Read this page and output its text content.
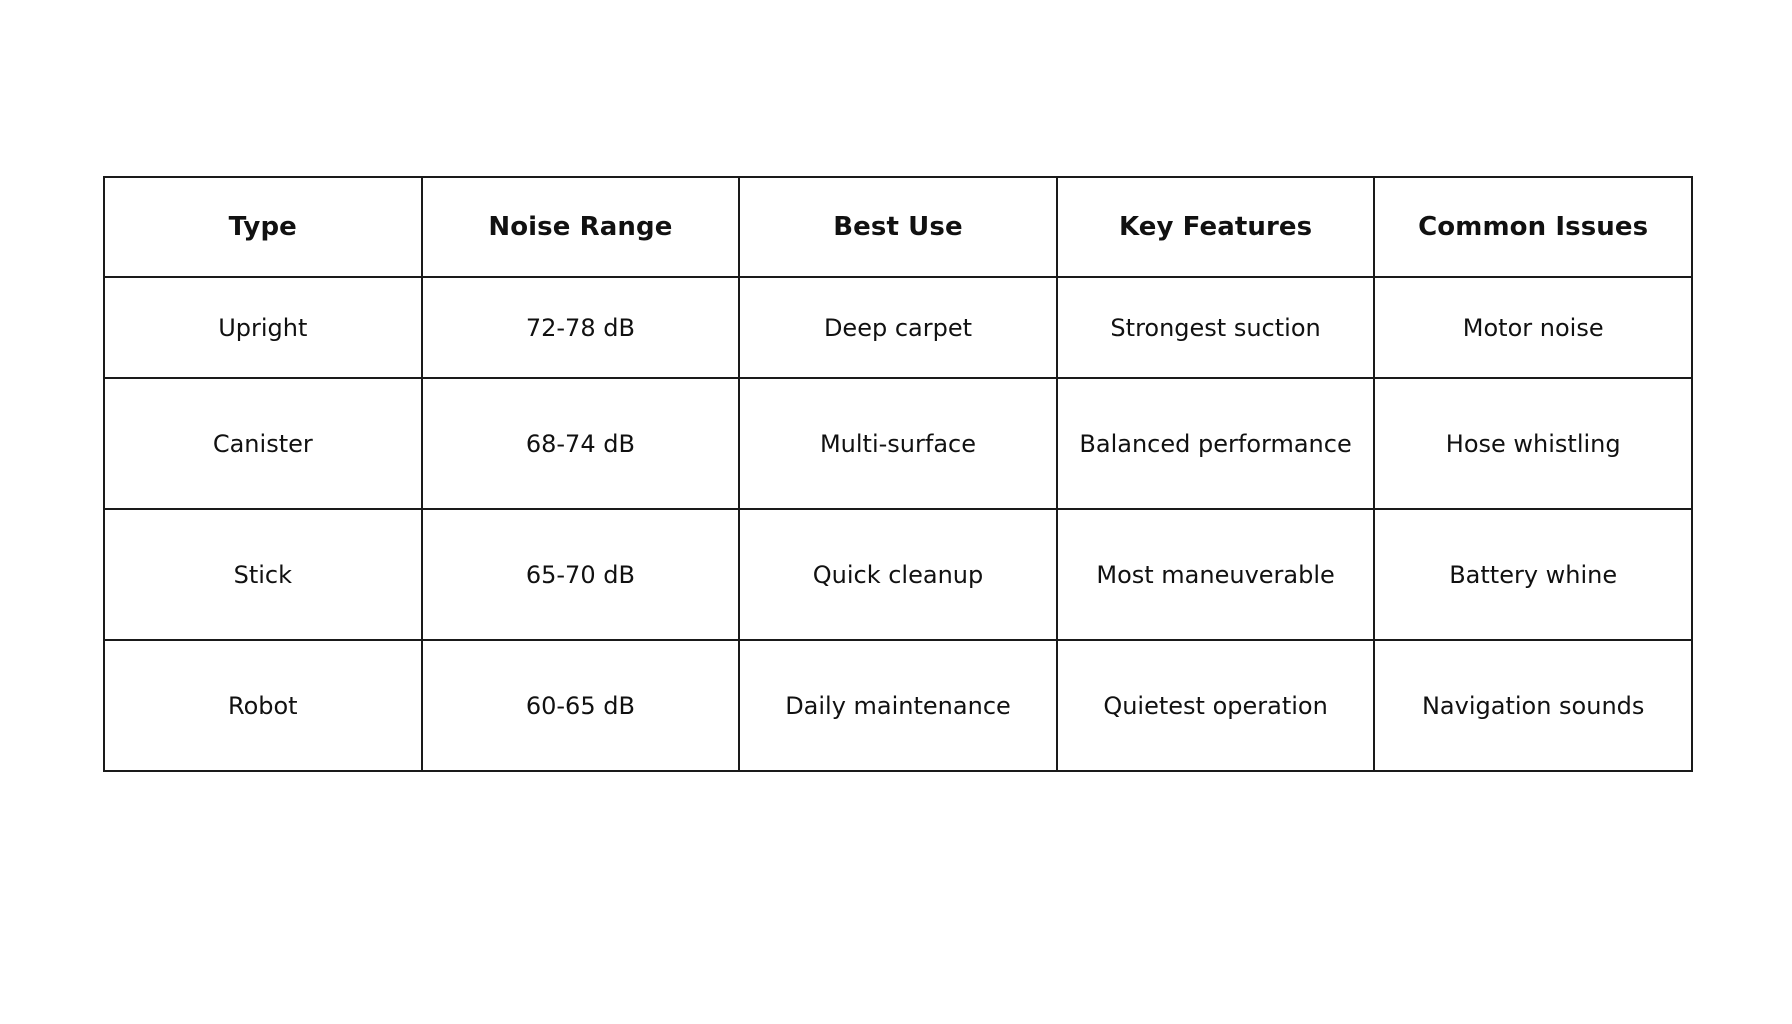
Type	Noise Range	Best Use	Key Features	Common Issues
Upright	72-78 dB	Deep carpet	Strongest suction	Motor noise
Canister	68-74 dB	Multi-surface	Balanced performance	Hose whistling
Stick	65-70 dB	Quick cleanup	Most maneuverable	Battery whine
Robot	60-65 dB	Daily maintenance	Quietest operation	Navigation sounds
